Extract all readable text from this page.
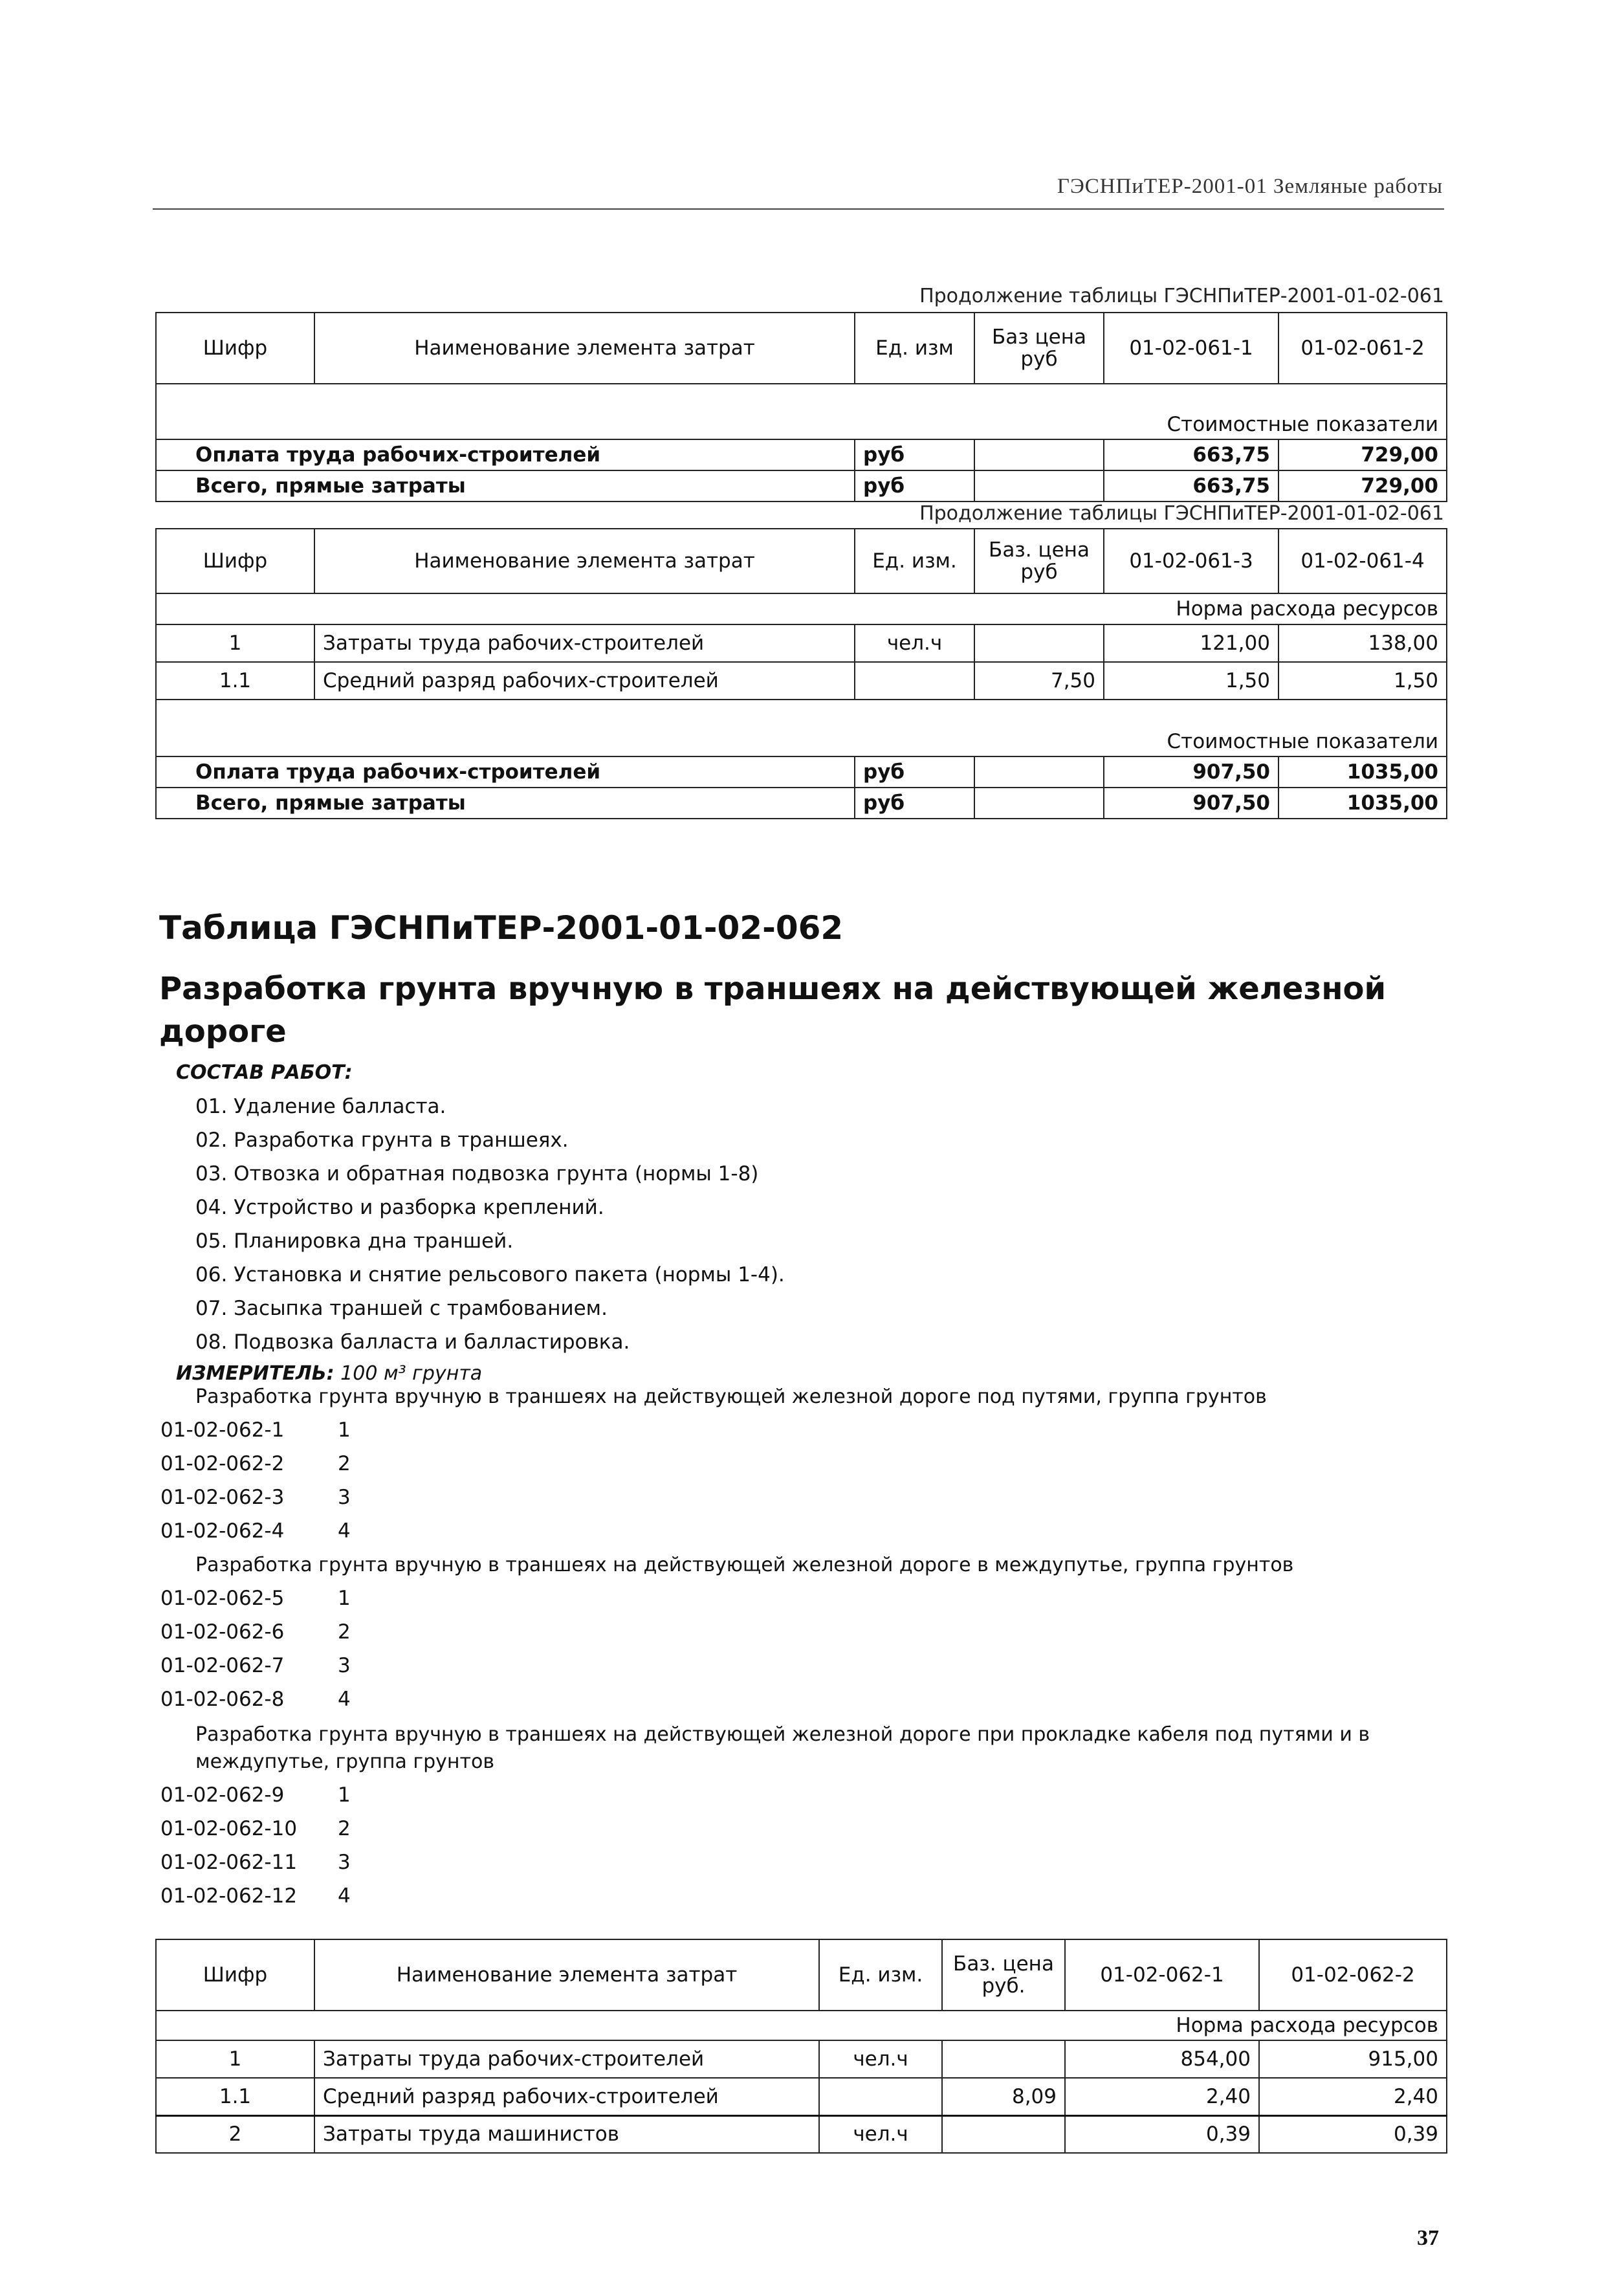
ГЭСНПиТЕР-2001-01 Земляные работы
Продолжение таблицы ГЭСНПиТЕР-2001-01-02-061
Шифр	Наименование элемента затрат	Ед. изм	Баз цена руб	01-02-061-1	01-02-061-2

Стоимостные показатели					
Оплата труда рабочих-строителей		руб		663,75	729,00
Всего, прямые затраты		руб		663,75	729,00
Продолжение таблицы ГЭСНПиТЕР-2001-01-02-061
Шифр	Наименование элемента затрат	Ед. изм.	Баз. цена руб	01-02-061-3	01-02-061-4
Норма расхода ресурсов					
1	Затраты труда рабочих-строителей	чел.ч		121,00	138,00
1.1	Средний разряд рабочих-строителей		7,50	1,50	1,50

Стоимостные показатели					
Оплата труда рабочих-строителей		руб		907,50	1035,00
Всего, прямые затраты		руб		907,50	1035,00
Таблица ГЭСНПиТЕР-2001-01-02-062
Разработка грунта вручную в траншеях на действующей железной дороге
СОСТАВ РАБОТ:
01. Удаление балласта.
02. Разработка грунта в траншеях.
03. Отвозка и обратная подвозка грунта (нормы 1-8)
04. Устройство и разборка креплений.
05. Планировка дна траншей.
06. Установка и снятие рельсового пакета (нормы 1-4).
07. Засыпка траншей с трамбованием.
08. Подвозка балласта и балластировка.
ИЗМЕРИТЕЛЬ: 100 м³ грунта
Разработка грунта вручную в траншеях на действующей железной дороге под путями, группа грунтов
01-02-062-1	1
01-02-062-2	2
01-02-062-3	3
01-02-062-4	4
Разработка грунта вручную в траншеях на действующей железной дороге в междупутье, группа грунтов
01-02-062-5	1
01-02-062-6	2
01-02-062-7	3
01-02-062-8	4
Разработка грунта вручную в траншеях на действующей железной дороге при прокладке кабеля под путями и в междупутье, группа грунтов
01-02-062-9	1
01-02-062-10 2
01-02-062-11 3
01-02-062-12 4
Шифр	Наименование элемента затрат	Ед. изм.	Баз. цена руб.	01-02-062-1	01-02-062-2
Норма расхода ресурсов					
1	Затраты труда рабочих-строителей	чел.ч		854,00	915,00
1.1	Средний разряд рабочих-строителей		8,09	2,40	2,40
2	Затраты труда машинистов	чел.ч		0,39	0,39
37
